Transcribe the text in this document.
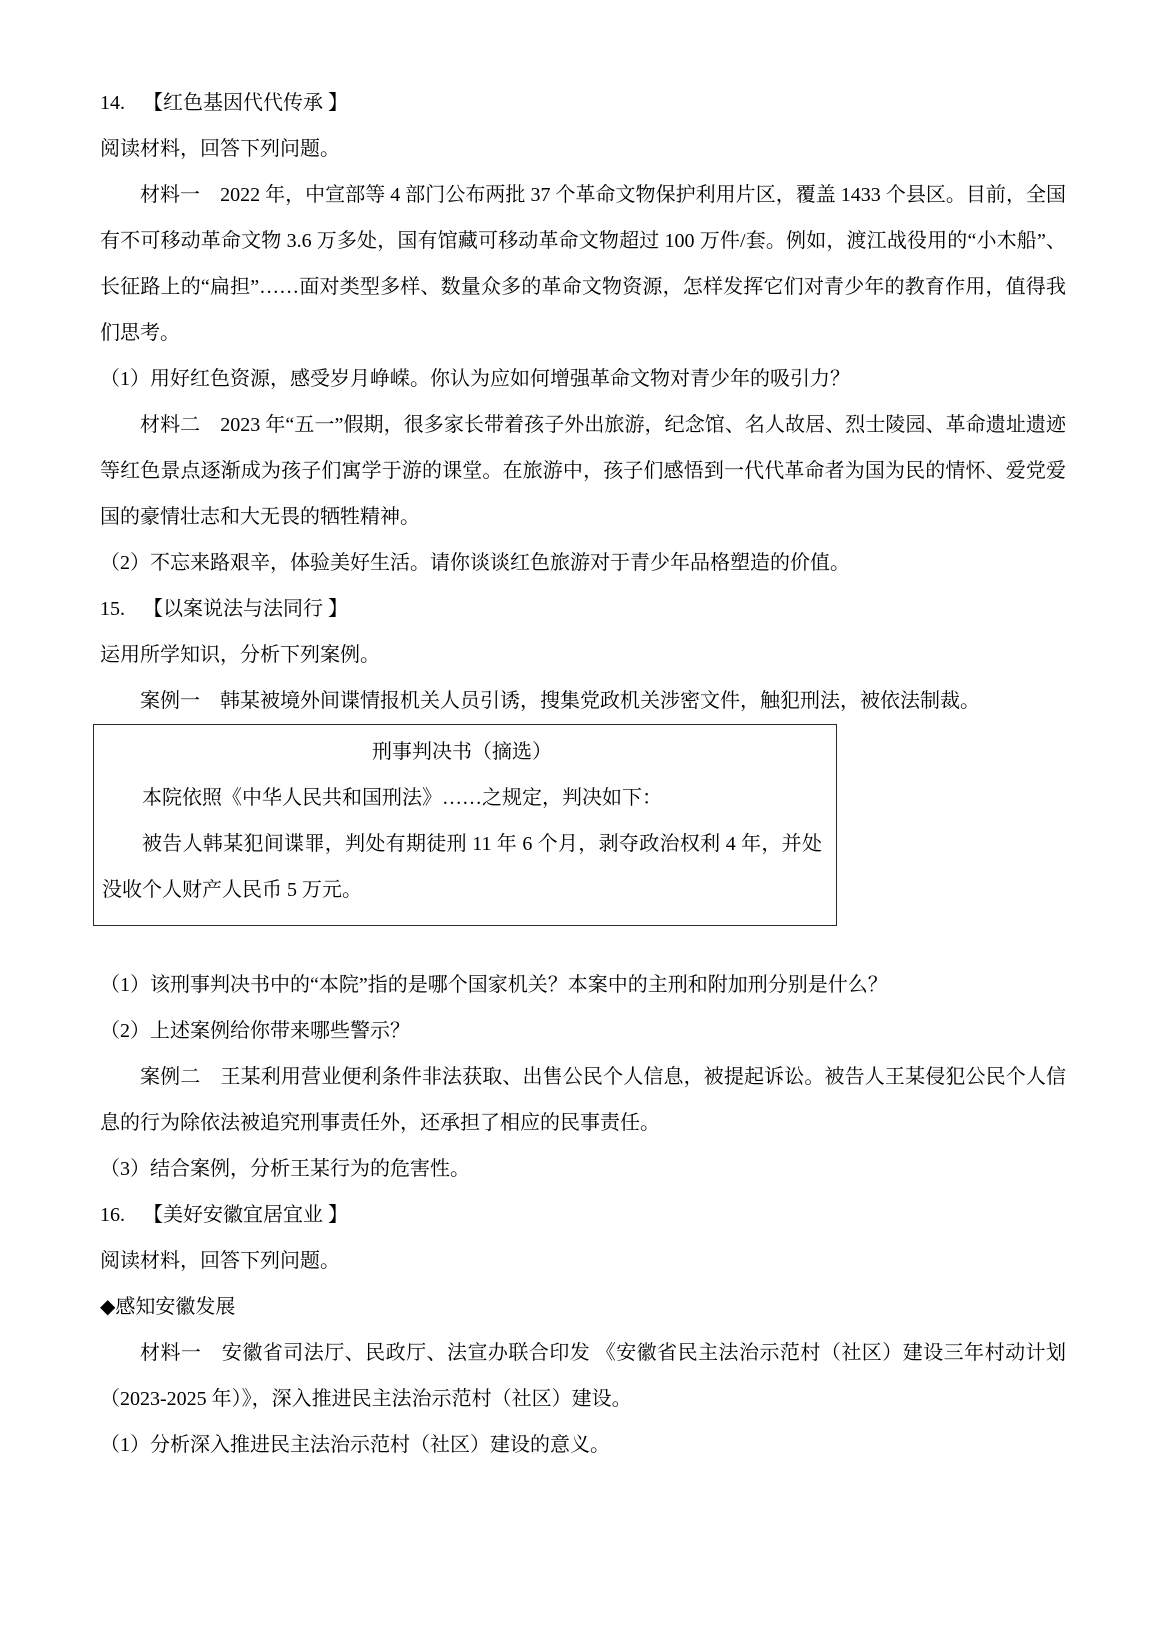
14. 【红色基因代代传承 】

阅读材料，回答下列问题。

材料一　2022 年，中宣部等 4 部门公布两批 37 个革命文物保护利用片区，覆盖 1433 个县区。目前，全国有不可移动革命文物 3.6 万多处，国有馆藏可移动革命文物超过 100 万件/套。例如，渡江战役用的“小木船”、长征路上的“扁担”……面对类型多样、数量众多的革命文物资源，怎样发挥它们对青少年的教育作用，值得我们思考。

（1）用好红色资源，感受岁月峥嵘。你认为应如何增强革命文物对青少年的吸引力？

材料二　2023 年“五一”假期，很多家长带着孩子外出旅游，纪念馆、名人故居、烈士陵园、革命遗址遗迹等红色景点逐渐成为孩子们寓学于游的课堂。在旅游中，孩子们感悟到一代代革命者为国为民的情怀、爱党爱国的豪情壮志和大无畏的牺牲精神。

（2）不忘来路艰辛，体验美好生活。请你谈谈红色旅游对于青少年品格塑造的价值。

15. 【以案说法与法同行 】

运用所学知识，分析下列案例。

案例一　韩某被境外间谍情报机关人员引诱，搜集党政机关涉密文件，触犯刑法，被依法制裁。

刑事判决书（摘选）

本院依照《中华人民共和国刑法》……之规定，判决如下：

被告人韩某犯间谍罪，判处有期徒刑 11 年 6 个月，剥夺政治权利 4 年，并处没收个人财产人民币 5 万元。

（1）该刑事判决书中的“本院”指的是哪个国家机关？本案中的主刑和附加刑分别是什么？

（2）上述案例给你带来哪些警示？

案例二　王某利用营业便利条件非法获取、出售公民个人信息，被提起诉讼。被告人王某侵犯公民个人信息的行为除依法被追究刑事责任外，还承担了相应的民事责任。

（3）结合案例，分析王某行为的危害性。

16. 【美好安徽宜居宜业 】

阅读材料，回答下列问题。

◆感知安徽发展

材料一　安徽省司法厅、民政厅、法宣办联合印发 《安徽省民主法治示范村（社区）建设三年村动计划（2023-2025 年）》，深入推进民主法治示范村（社区）建设。

（1）分析深入推进民主法治示范村（社区）建设的意义。
